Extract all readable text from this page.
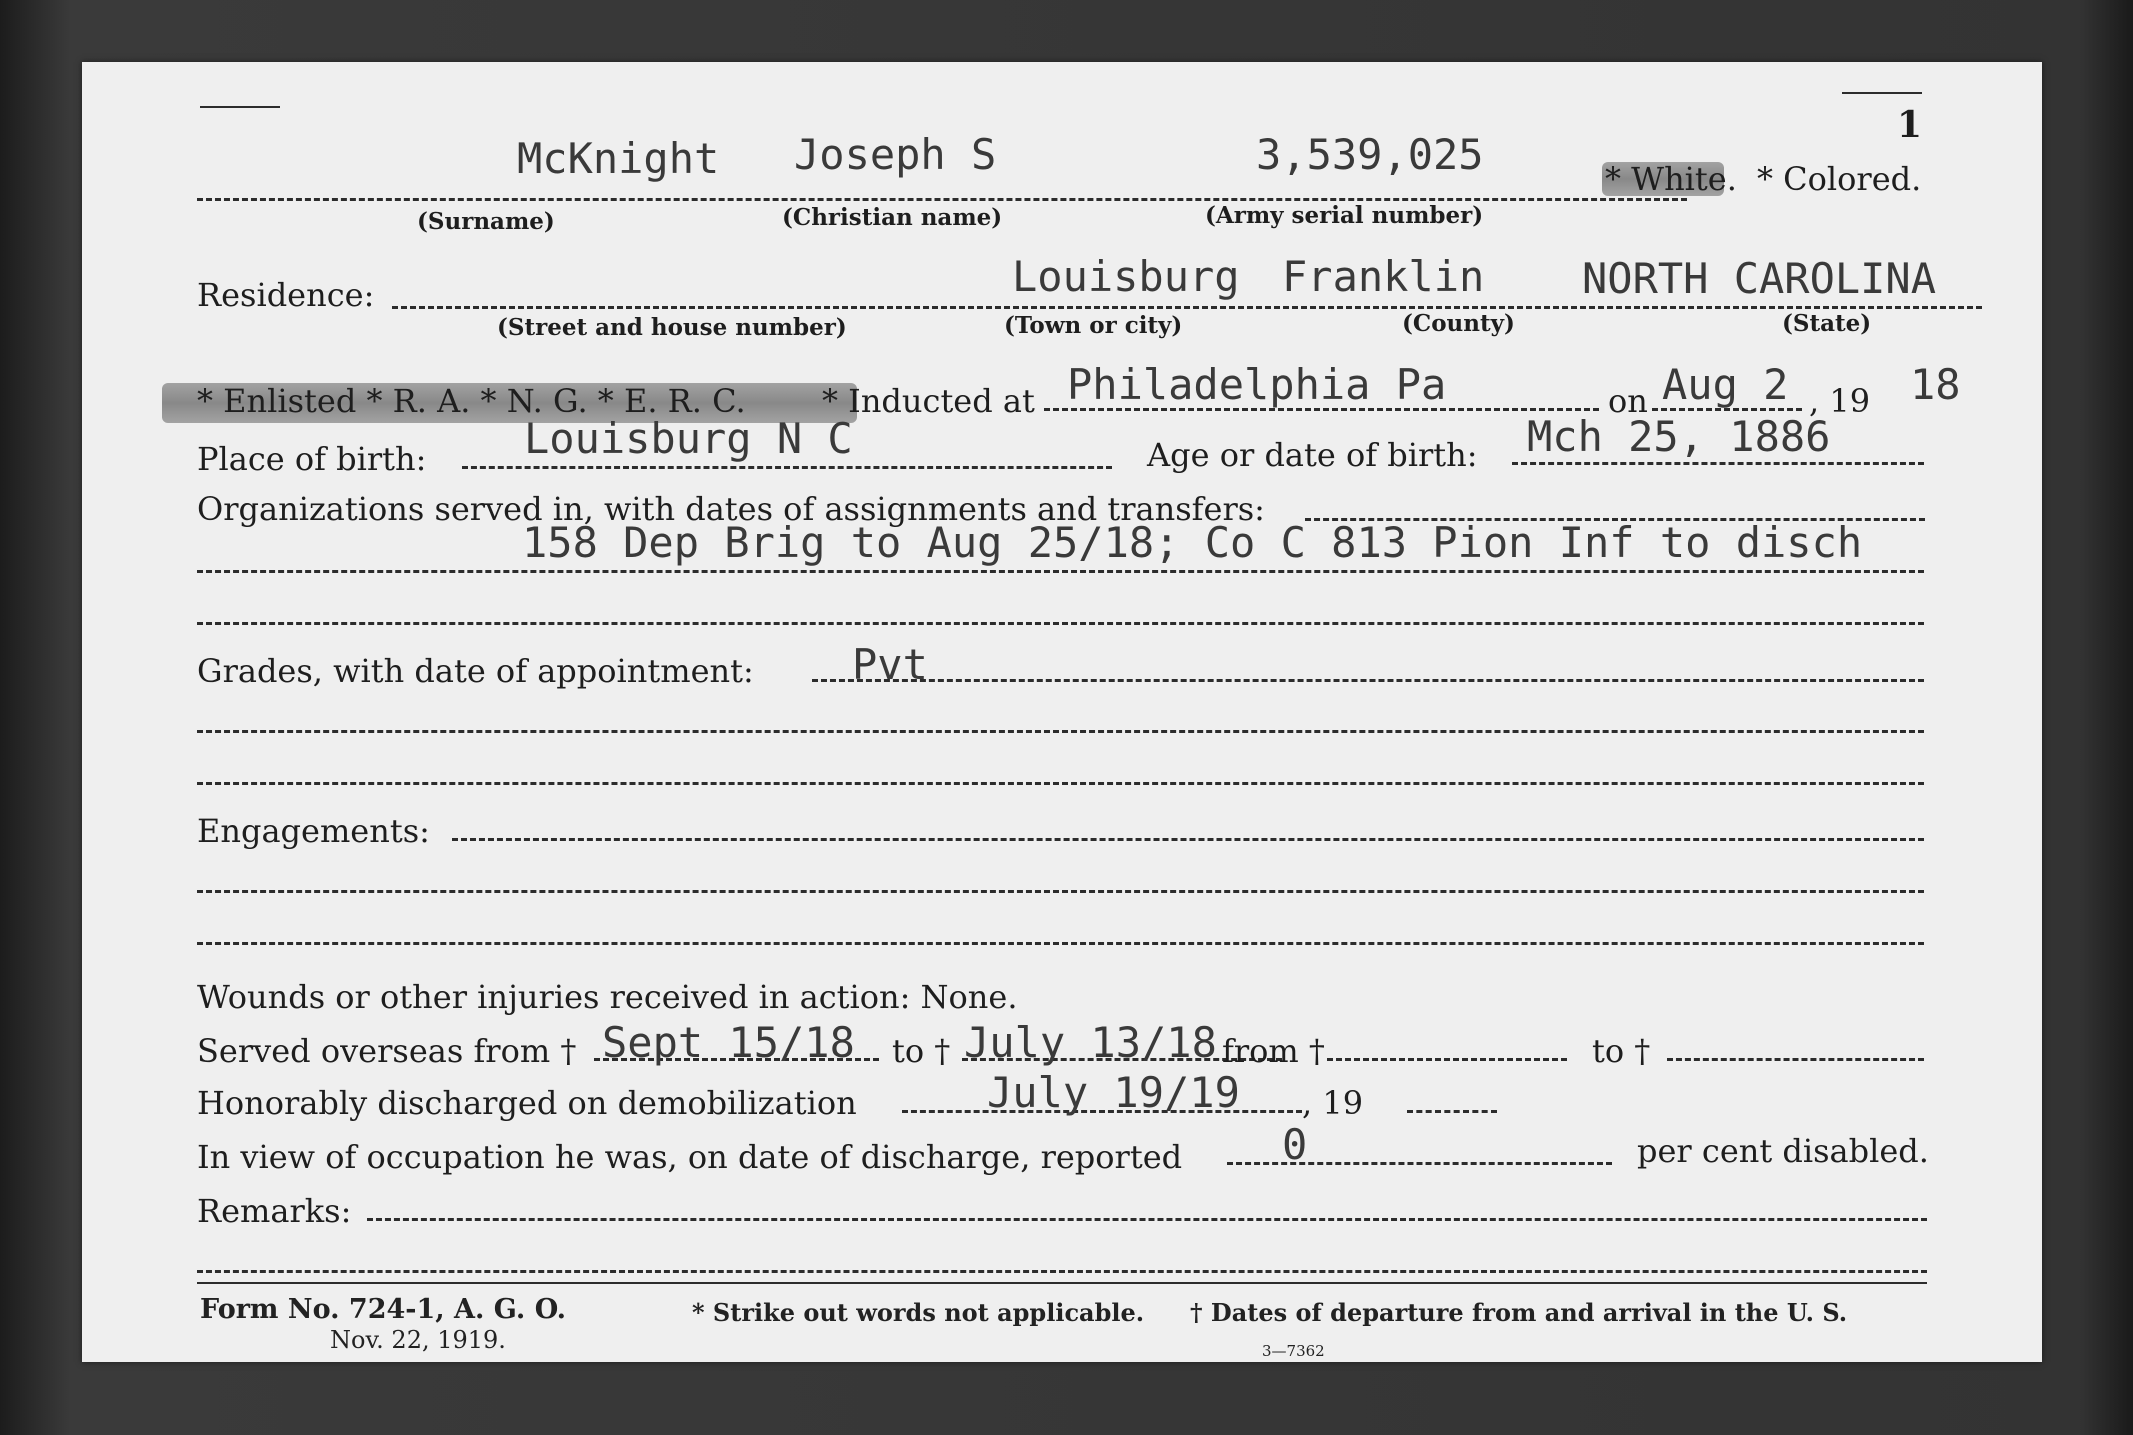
1
McKnight Joseph S	3,539,025	* White. * Colored.
(Surname)	(Christian name)	(Army serial number)
Residence:	Louisburg Franklin NORTH CAROLINA
(Street and house number)	(Town or city)	(County)	(State)
* Enlisted * R. A. * N. G. * E. R. C. * Inducted at Philadelphia Pa	on Aug 2 , 19 18
Place of birth: Louisburg N C	Age or date of birth: Mch 25, 1886
Organizations served in, with dates of assignments and transfers:
158 Dep Brig to Aug 25/18; Co C 813 Pion Inf to disch
Grades, with date of appointment: Pvt
Engagements:
Wounds or other injuries received in action: None.
Served overseas from † Sept 15/18 to † July 13/18 from †	to †
Honorably discharged on demobilization	July 19/19 , 19
In view of occupation he was, on date of discharge, reported 0	per cent disabled.
Remarks:
Form No. 724-1, A. G. O.
Nov. 22, 1919.
* Strike out words not applicable. † Dates of departure from and arrival in the U. S.
3—7362
